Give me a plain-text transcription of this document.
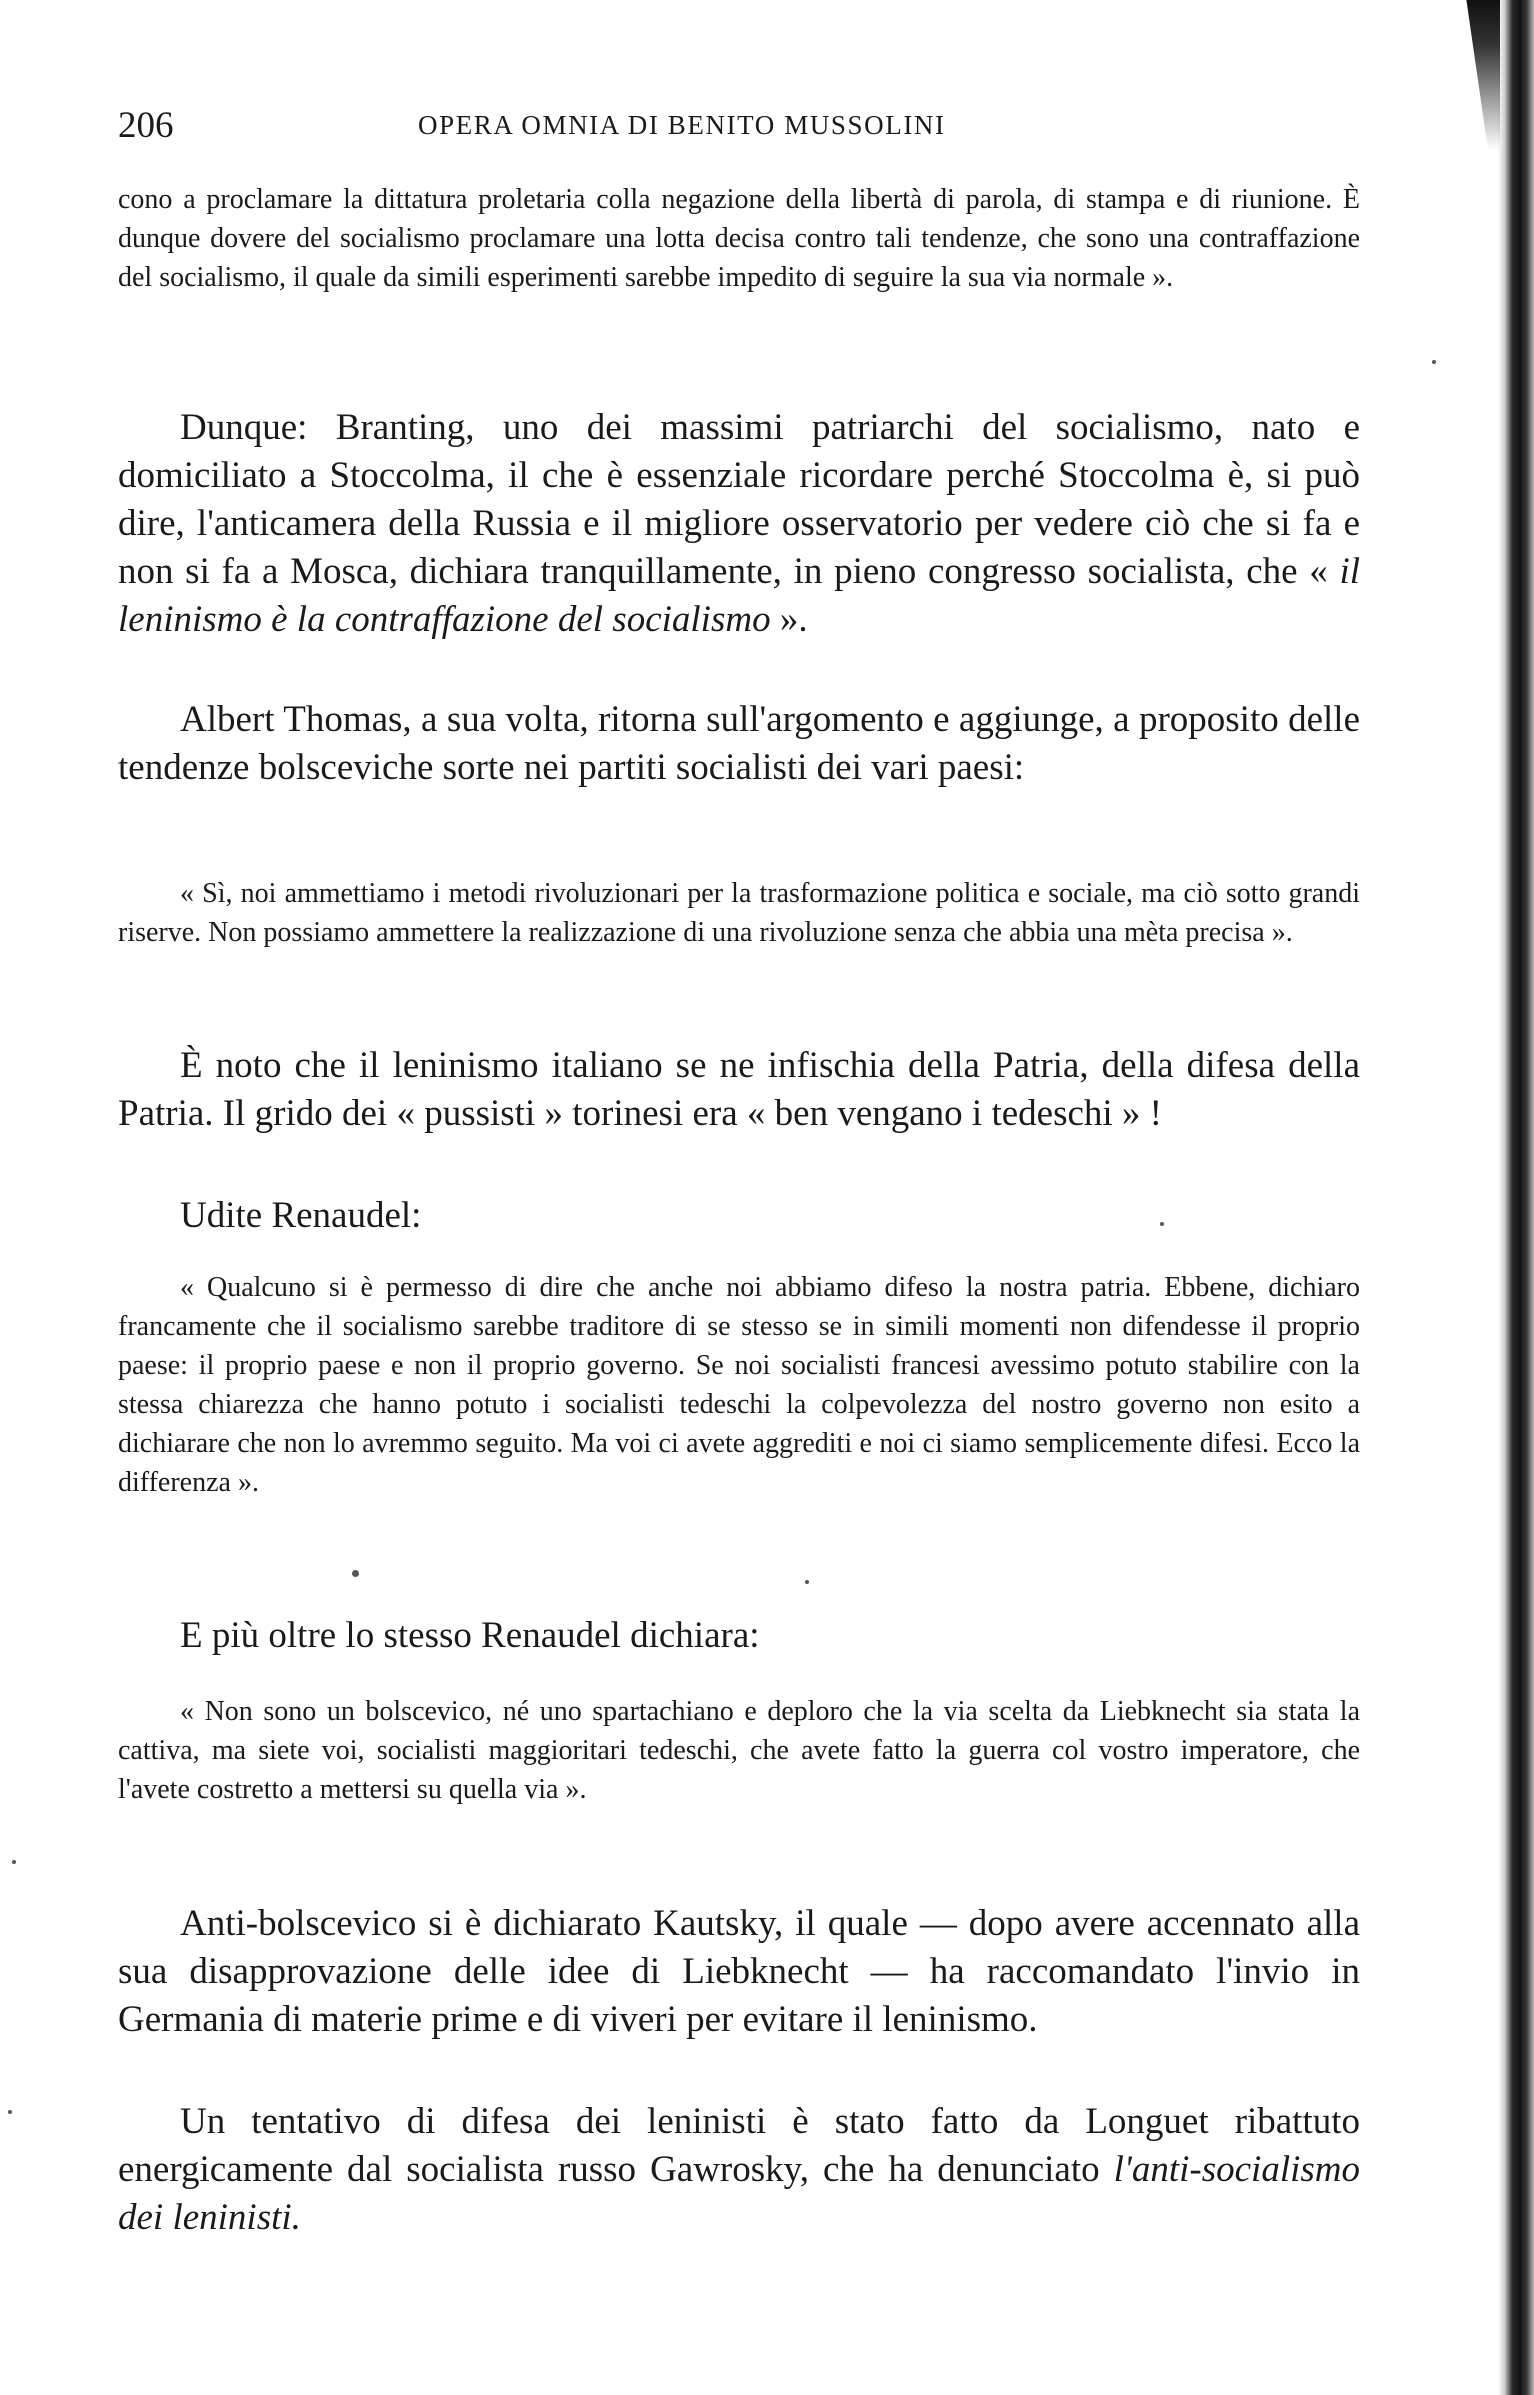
206	OPERA OMNIA DI BENITO MUSSOLINI

cono a proclamare la dittatura proletaria colla negazione della libertà di parola, di stampa e di riunione. È dunque dovere del socialismo proclamare una lotta decisa contro tali tendenze, che sono una contraffazione del socialismo, il quale da simili esperimenti sarebbe impedito di seguire la sua via normale ».

Dunque: Branting, uno dei massimi patriarchi del socialismo, nato e domiciliato a Stoccolma, il che è essenziale ricordare perché Stoccolma è, si può dire, l'anticamera della Russia e il migliore osservatorio per vedere ciò che si fa e non si fa a Mosca, dichiara tranquillamente, in pieno congresso socialista, che « il leninismo è la contraffazione del socialismo ».

Albert Thomas, a sua volta, ritorna sull'argomento e aggiunge, a proposito delle tendenze bolsceviche sorte nei partiti socialisti dei vari paesi:

« Sì, noi ammettiamo i metodi rivoluzionari per la trasformazione politica e sociale, ma ciò sotto grandi riserve. Non possiamo ammettere la realizzazione di una rivoluzione senza che abbia una mèta precisa ».

È noto che il leninismo italiano se ne infischia della Patria, della difesa della Patria. Il grido dei « pussisti » torinesi era « ben vengano i tedeschi » !

Udite Renaudel:

« Qualcuno si è permesso di dire che anche noi abbiamo difeso la nostra patria. Ebbene, dichiaro francamente che il socialismo sarebbe traditore di se stesso se in simili momenti non difendesse il proprio paese: il proprio paese e non il proprio governo. Se noi socialisti francesi avessimo potuto stabilire con la stessa chiarezza che hanno potuto i socialisti tedeschi la colpevolezza del nostro governo non esito a dichiarare che non lo avremmo seguito. Ma voi ci avete aggrediti e noi ci siamo semplicemente difesi. Ecco la differenza ».

E più oltre lo stesso Renaudel dichiara:

« Non sono un bolscevico, né uno spartachiano e deploro che la via scelta da Liebknecht sia stata la cattiva, ma siete voi, socialisti maggioritari tedeschi, che avete fatto la guerra col vostro imperatore, che l'avete costretto a mettersi su quella via ».

Anti-bolscevico si è dichiarato Kautsky, il quale — dopo avere accennato alla sua disapprovazione delle idee di Liebknecht — ha raccomandato l'invio in Germania di materie prime e di viveri per evitare il leninismo.

Un tentativo di difesa dei leninisti è stato fatto da Longuet ribattuto energicamente dal socialista russo Gawrosky, che ha denunciato l'anti-socialismo dei leninisti.
